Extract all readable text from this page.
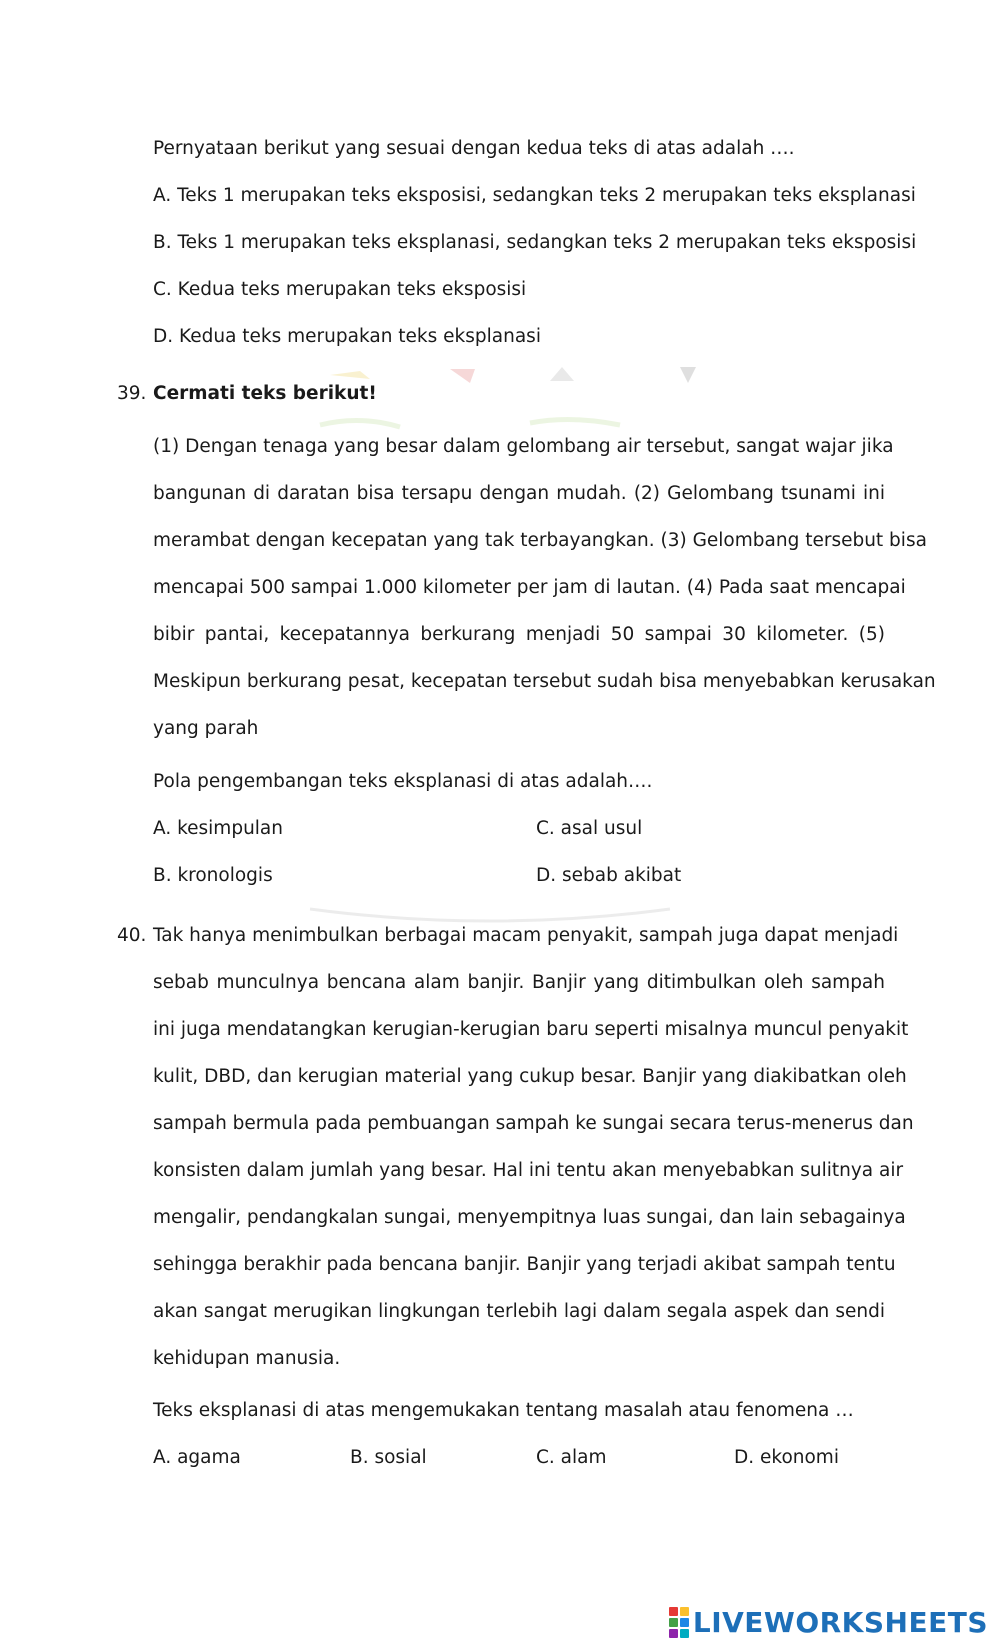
Pernyataan berikut yang sesuai dengan kedua teks di atas adalah ….
A. Teks 1 merupakan teks eksposisi, sedangkan teks 2 merupakan teks eksplanasi
B. Teks 1 merupakan teks eksplanasi, sedangkan teks 2 merupakan teks eksposisi
C. Kedua teks merupakan teks eksposisi
D. Kedua teks merupakan teks eksplanasi
39. Cermati teks berikut!
(1) Dengan tenaga yang besar dalam gelombang air tersebut, sangat wajar jika
bangunan di daratan bisa tersapu dengan mudah. (2) Gelombang tsunami ini
merambat dengan kecepatan yang tak terbayangkan. (3) Gelombang tersebut bisa
mencapai 500 sampai 1.000 kilometer per jam di lautan. (4) Pada saat mencapai
bibir pantai, kecepatannya berkurang menjadi 50 sampai 30 kilometer. (5)
Meskipun berkurang pesat, kecepatan tersebut sudah bisa menyebabkan kerusakan
yang parah
Pola pengembangan teks eksplanasi di atas adalah….
A. kesimpulan	C. asal usul
B. kronologis	D. sebab akibat
40. Tak hanya menimbulkan berbagai macam penyakit, sampah juga dapat menjadi
sebab munculnya bencana alam banjir. Banjir yang ditimbulkan oleh sampah
ini juga mendatangkan kerugian-kerugian baru seperti misalnya muncul penyakit
kulit, DBD, dan kerugian material yang cukup besar. Banjir yang diakibatkan oleh
sampah bermula pada pembuangan sampah ke sungai secara terus-menerus dan
konsisten dalam jumlah yang besar. Hal ini tentu akan menyebabkan sulitnya air
mengalir, pendangkalan sungai, menyempitnya luas sungai, dan lain sebagainya
sehingga berakhir pada bencana banjir. Banjir yang terjadi akibat sampah tentu
akan sangat merugikan lingkungan terlebih lagi dalam segala aspek dan sendi
kehidupan manusia.
Teks eksplanasi di atas mengemukakan tentang masalah atau fenomena …
A. agama	B. sosial	C. alam	D. ekonomi
LIVEWORKSHEETS
